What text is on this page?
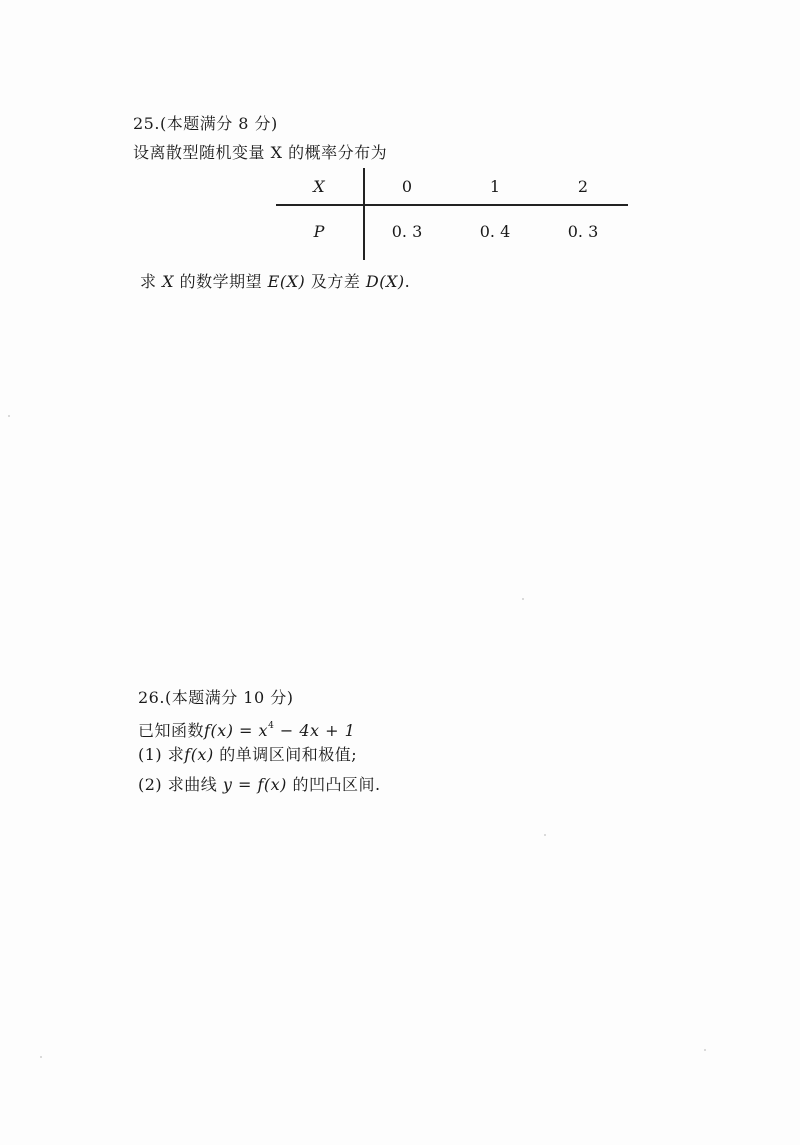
25.(本题满分 8 分)
设离散型随机变量 X 的概率分布为
X	0	1	2
P	0. 3	0. 4	0. 3
求 X 的数学期望 E(X) 及方差 D(X).
26.(本题满分 10 分)
已知函数$f(x) = x^4 - 4x + 1$
(1) 求f(x) 的单调区间和极值;
(2) 求曲线 y = f(x) 的凹凸区间.
